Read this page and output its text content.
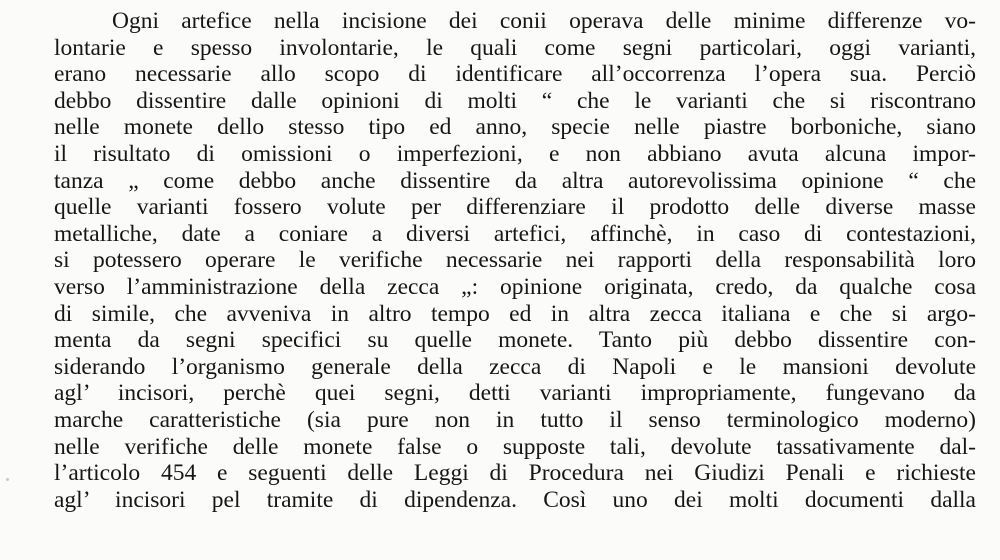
Ogni artefice nella incisione dei conii operava delle minime differenze vo-
lontarie e spesso involontarie, le quali come segni particolari, oggi varianti,
erano necessarie allo scopo di identificare all’occorrenza l’opera sua. Perciò
debbo dissentire dalle opinioni di molti “ che le varianti che si riscontrano
nelle monete dello stesso tipo ed anno, specie nelle piastre borboniche, siano
il risultato di omissioni o imperfezioni, e non abbiano avuta alcuna impor-
tanza „ come debbo anche dissentire da altra autorevolissima opinione “ che
quelle varianti fossero volute per differenziare il prodotto delle diverse masse
metalliche, date a coniare a diversi artefici, affinchè, in caso di contestazioni,
si potessero operare le verifiche necessarie nei rapporti della responsabilità loro
verso l’amministrazione della zecca „: opinione originata, credo, da qualche cosa
di simile, che avveniva in altro tempo ed in altra zecca italiana e che si argo-
menta da segni specifici su quelle monete. Tanto più debbo dissentire con-
siderando l’organismo generale della zecca di Napoli e le mansioni devolute
agl’ incisori, perchè quei segni, detti varianti impropriamente, fungevano da
marche caratteristiche (sia pure non in tutto il senso terminologico moderno)
nelle verifiche delle monete false o supposte tali, devolute tassativamente dal-
l’articolo 454 e seguenti delle Leggi di Procedura nei Giudizi Penali e richieste
agl’ incisori pel tramite di dipendenza. Così uno dei molti documenti dalla
